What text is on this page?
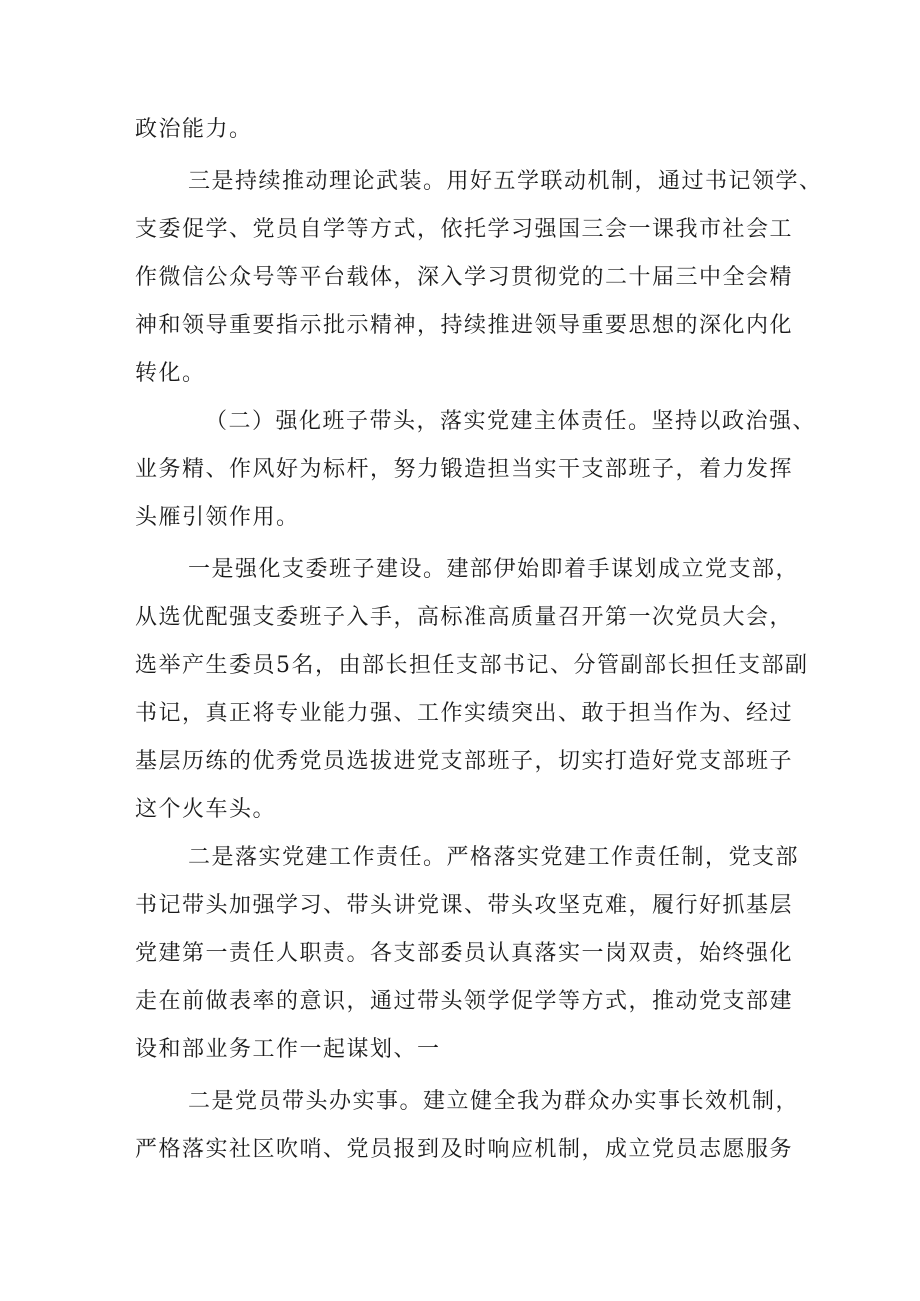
政治能力。

三是持续推动理论武装。用好五学联动机制，通过书记领学、

支委促学、党员自学等方式，依托学习强国三会一课我市社会工

作微信公众号等平台载体，深入学习贯彻党的二十届三中全会精

神和领导重要指示批示精神，持续推进领导重要思想的深化内化

转化。

（二）强化班子带头，落实党建主体责任。坚持以政治强、

业务精、作风好为标杆，努力锻造担当实干支部班子，着力发挥

头雁引领作用。

一是强化支委班子建设。建部伊始即着手谋划成立党支部，

从选优配强支委班子入手，高标准高质量召开第一次党员大会，

选举产生委员5名，由部长担任支部书记、分管副部长担任支部副

书记，真正将专业能力强、工作实绩突出、敢于担当作为、经过

基层历练的优秀党员选拔进党支部班子，切实打造好党支部班子

这个火车头。

二是落实党建工作责任。严格落实党建工作责任制，党支部

书记带头加强学习、带头讲党课、带头攻坚克难，履行好抓基层

党建第一责任人职责。各支部委员认真落实一岗双责，始终强化

走在前做表率的意识，通过带头领学促学等方式，推动党支部建

设和部业务工作一起谋划、一

二是党员带头办实事。建立健全我为群众办实事长效机制，

严格落实社区吹哨、党员报到及时响应机制，成立党员志愿服务
